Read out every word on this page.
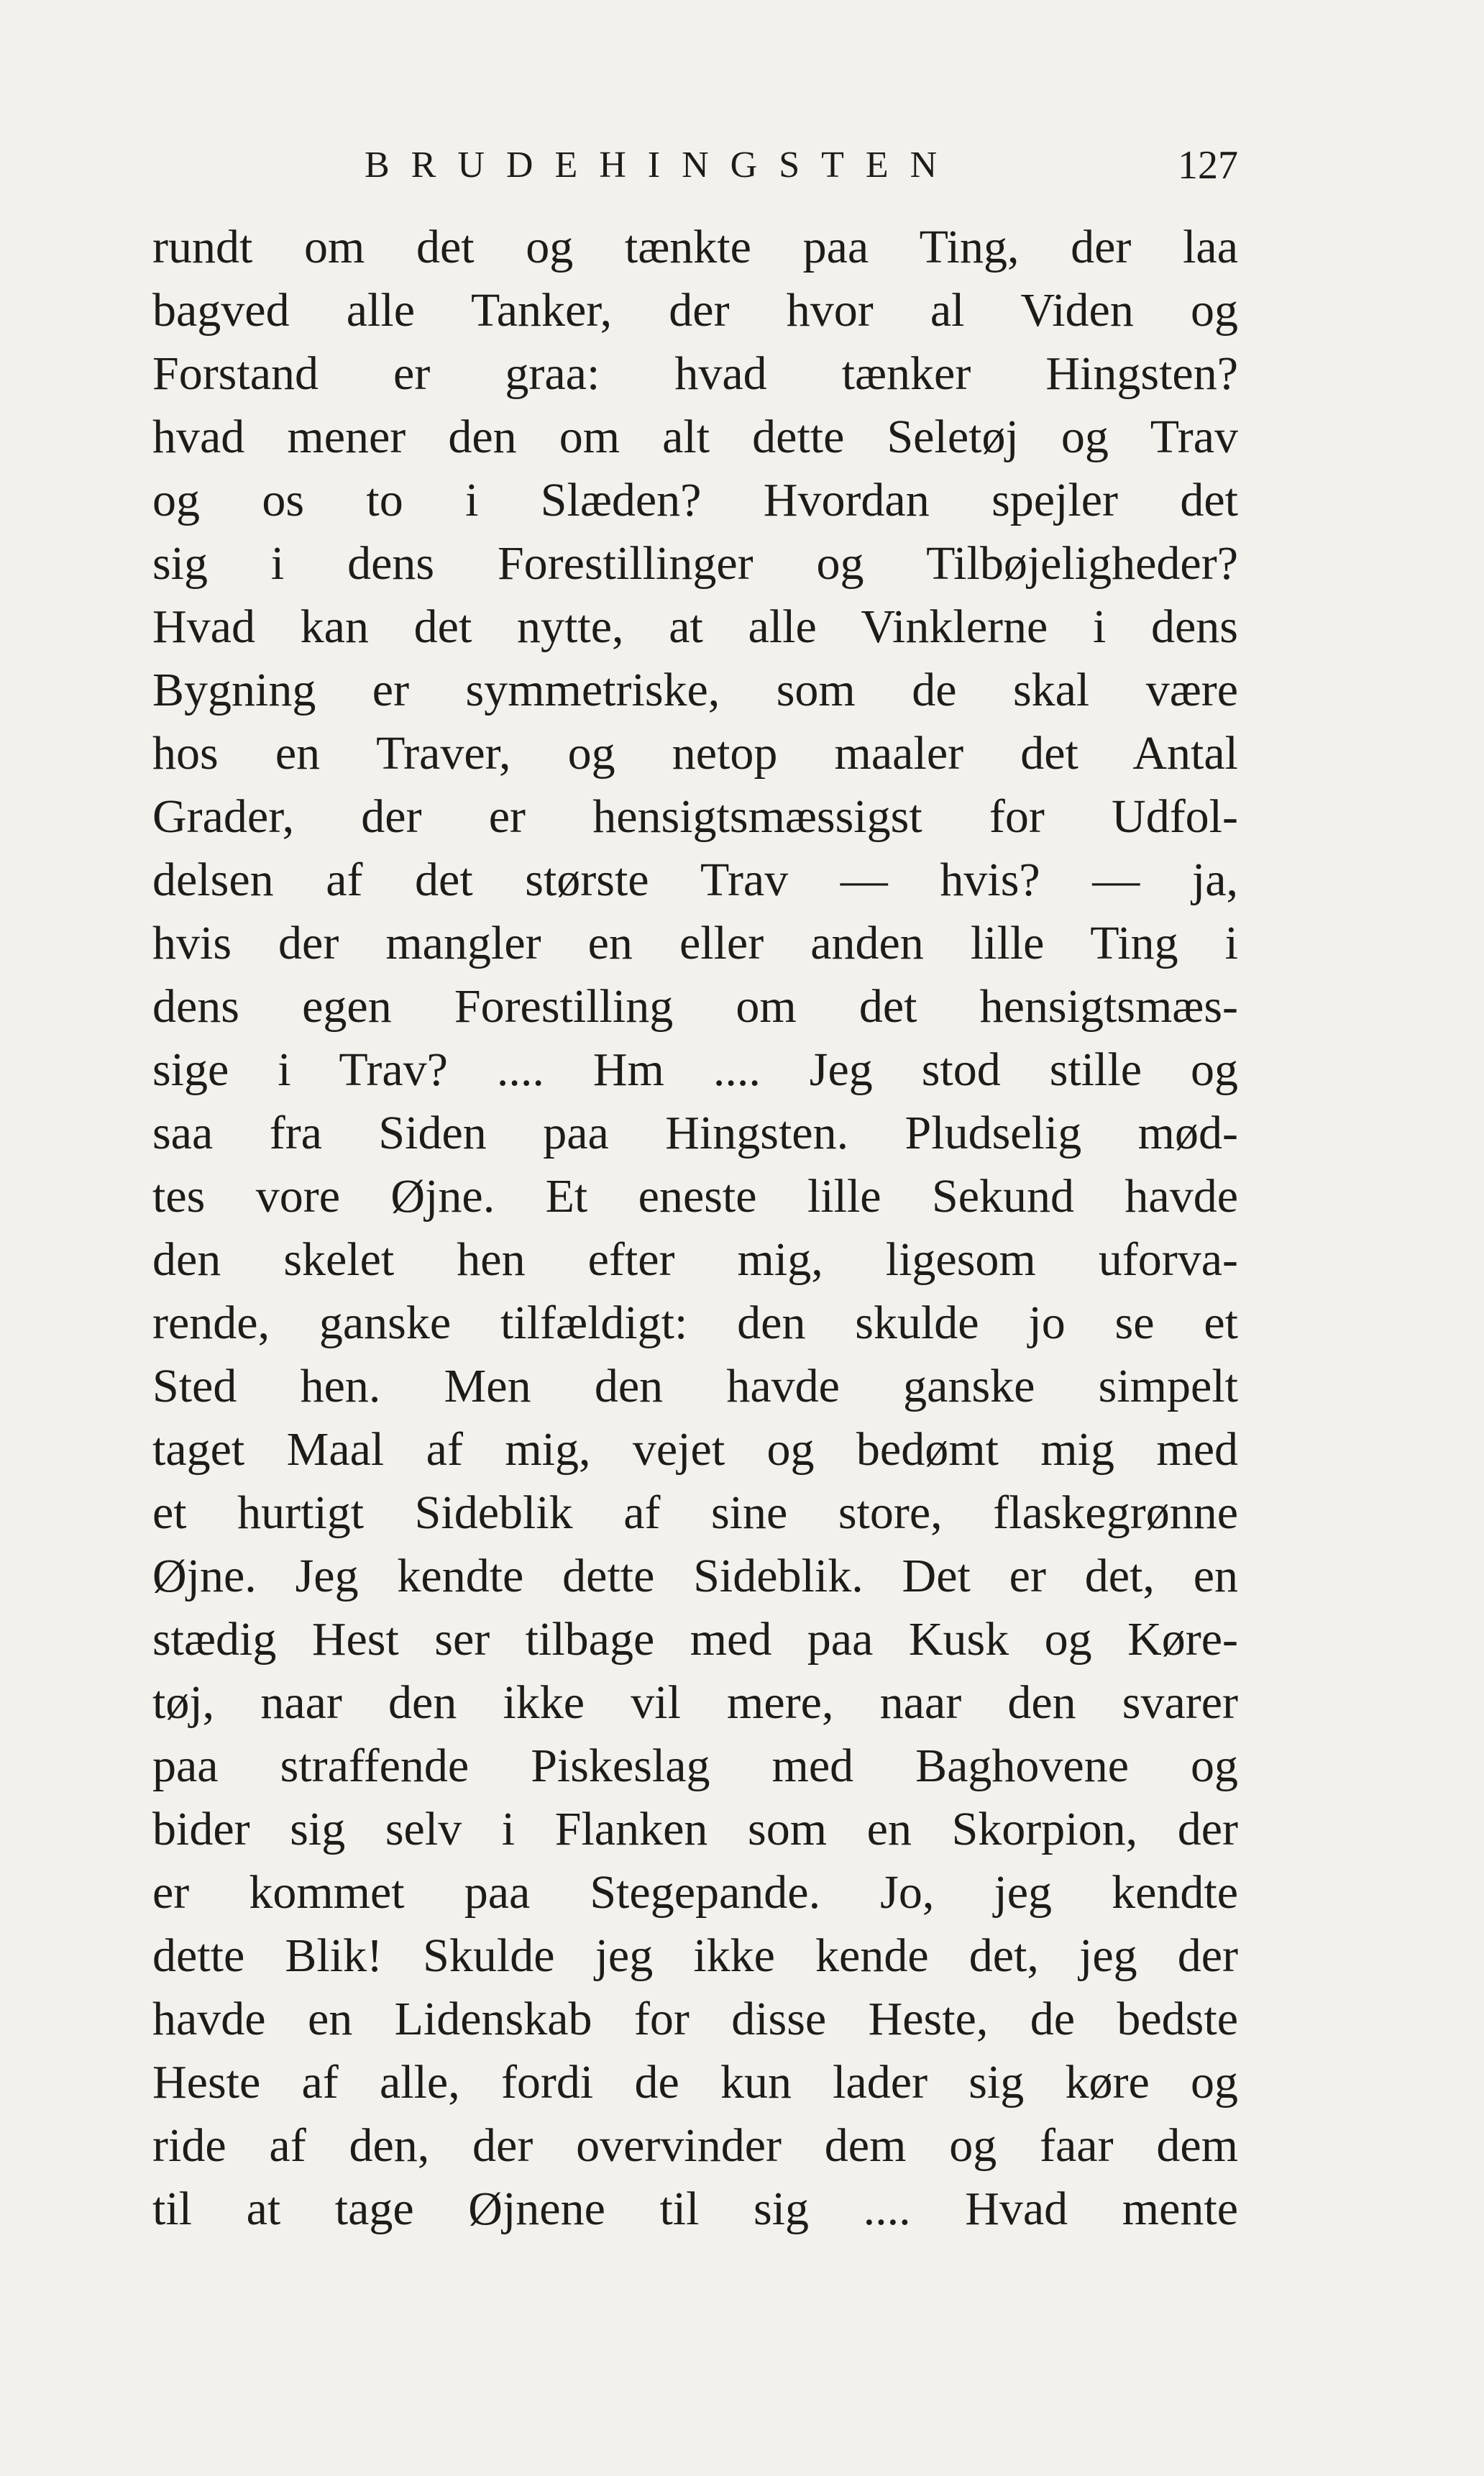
BRUDEHINGSTEN	127
rundt om det og tænkte paa Ting, der laa
bagved alle Tanker, der hvor al Viden og
Forstand er graa: hvad tænker Hingsten?
hvad mener den om alt dette Seletøj og Trav
og os to i Slæden? Hvordan spejler det
sig i dens Forestillinger og Tilbøjeligheder?
Hvad kan det nytte, at alle Vinklerne i dens
Bygning er symmetriske, som de skal være
hos en Traver, og netop maaler det Antal
Grader, der er hensigtsmæssigst for Udfol-
delsen af det største Trav — hvis? — ja,
hvis der mangler en eller anden lille Ting i
dens egen Forestilling om det hensigtsmæs-
sige i Trav? .... Hm .... Jeg stod stille og
saa fra Siden paa Hingsten. Pludselig mød-
tes vore Øjne. Et eneste lille Sekund havde
den skelet hen efter mig, ligesom uforva-
rende, ganske tilfældigt: den skulde jo se et
Sted hen. Men den havde ganske simpelt
taget Maal af mig, vejet og bedømt mig med
et hurtigt Sideblik af sine store, flaskegrønne
Øjne. Jeg kendte dette Sideblik. Det er det, en
stædig Hest ser tilbage med paa Kusk og Køre-
tøj, naar den ikke vil mere, naar den svarer
paa straffende Piskeslag med Baghovene og
bider sig selv i Flanken som en Skorpion, der
er kommet paa Stegepande. Jo, jeg kendte
dette Blik! Skulde jeg ikke kende det, jeg der
havde en Lidenskab for disse Heste, de bedste
Heste af alle, fordi de kun lader sig køre og
ride af den, der overvinder dem og faar dem
til at tage Øjnene til sig .... Hvad mente
